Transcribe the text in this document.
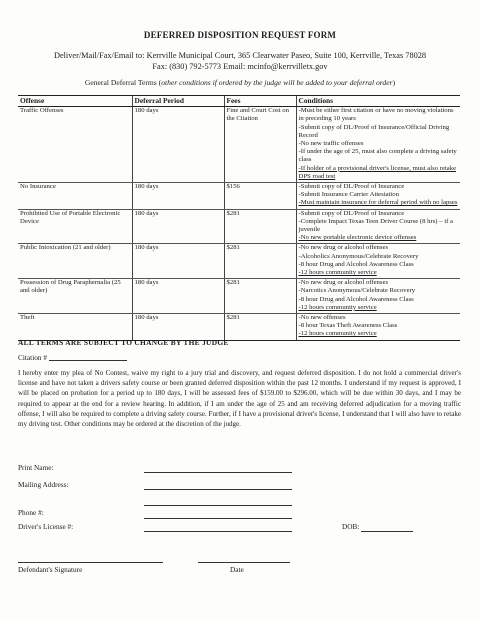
DEFERRED DISPOSITION REQUEST FORM
Deliver/Mail/Fax/Email to: Kerrville Municipal Court, 365 Clearwater Paseo, Suite 100, Kerrville, Texas 78028
Fax: (830) 792-5773 Email: mcinfo@kerrvilletx.gov
General Deferral Terms (other conditions if ordered by the judge will be added to your deferral order)
Offense	Deferral Period	Fees	Conditions
Traffic Offenses	180 days	Fine and Court Cost on the Citation	-Must be either first citation or have no moving violations in preceding 10 years
-Submit copy of DL/Proof of Insurance/Official Driving Record
-No new traffic offenses
-If under the age of 25, must also complete a driving safety class
-If holder of a provisional driver's license, must also retake DPS road test

No Insurance	180 days	$156	-Submit copy of DL/Proof of Insurance
-Submit Insurance Carrier Attestation
-Must maintain insurance for deferral period with no lapses

Prohibited Use of Portable Electronic Device	180 days	$281	-Submit copy of DL/Proof of Insurance
-Complete Impact Texas Teen Driver Course (8 hrs) – if a juvenile
-No new portable electronic device offenses

Public Intoxication (21 and older)	180 days	$281	-No new drug or alcohol offenses
-Alcoholics Anonymous/Celebrate Recovery
-8 hour Drug and Alcohol Awareness Class
-12 hours community service

Possession of Drug Paraphernalia (25 and older)	180 days	$281	-No new drug or alcohol offenses
-Narcotics Anonymous/Celebrate Recovery
-8 hour Drug and Alcohol Awareness Class
-12 hours community service

Theft	180 days	$281	-No new offenses
-8 hour Texas Theft Awareness Class
-12 hours community service
ALL TERMS ARE SUBJECT TO CHANGE BY THE JUDGE
Citation #
I hereby enter my plea of No Contest, waive my right to a jury trial and discovery, and request deferred disposition. I do not hold a commercial driver's license and have not taken a drivers safety course or been granted deferred disposition within the past 12 months. I understand if my request is approved, I will be placed on probation for a period up to 180 days, I will be assessed fees of $159.00 to $296.00, which will be due within 30 days, and I may be required to appear at the end for a review hearing. In addition, if I am under the age of 25 and am receiving deferred adjudication for a moving traffic offense, I will also be required to complete a driving safety course. Further, if I have a provisional driver's license, I understand that I will also have to retake my driving test. Other conditions may be ordered at the discretion of the judge.
Print Name:
Mailing Address:
Phone #:
Driver's License #:	DOB:
Defendant's Signature	Date
